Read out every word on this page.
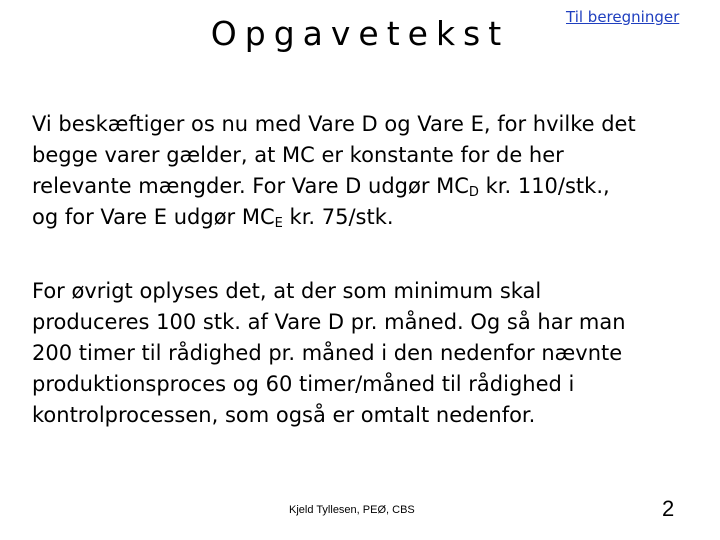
Opgavetekst	Til beregninger
Vi beskæftiger os nu med Vare D og Vare E, for hvilke det
begge varer gælder, at MC er konstante for de her
relevante mængder. For Vare D udgør $MC_D$ kr. 110/stk.,
og for Vare E udgør $MC_E$ kr. 75/stk.
For øvrigt oplyses det, at der som minimum skal
produceres 100 stk. af Vare D pr. måned. Og så har man
200 timer til rådighed pr. måned i den nedenfor nævnte
produktionsproces og 60 timer/måned til rådighed i
kontrolprocessen, som også er omtalt nedenfor.
Kjeld Tyllesen, PEØ, CBS	2
